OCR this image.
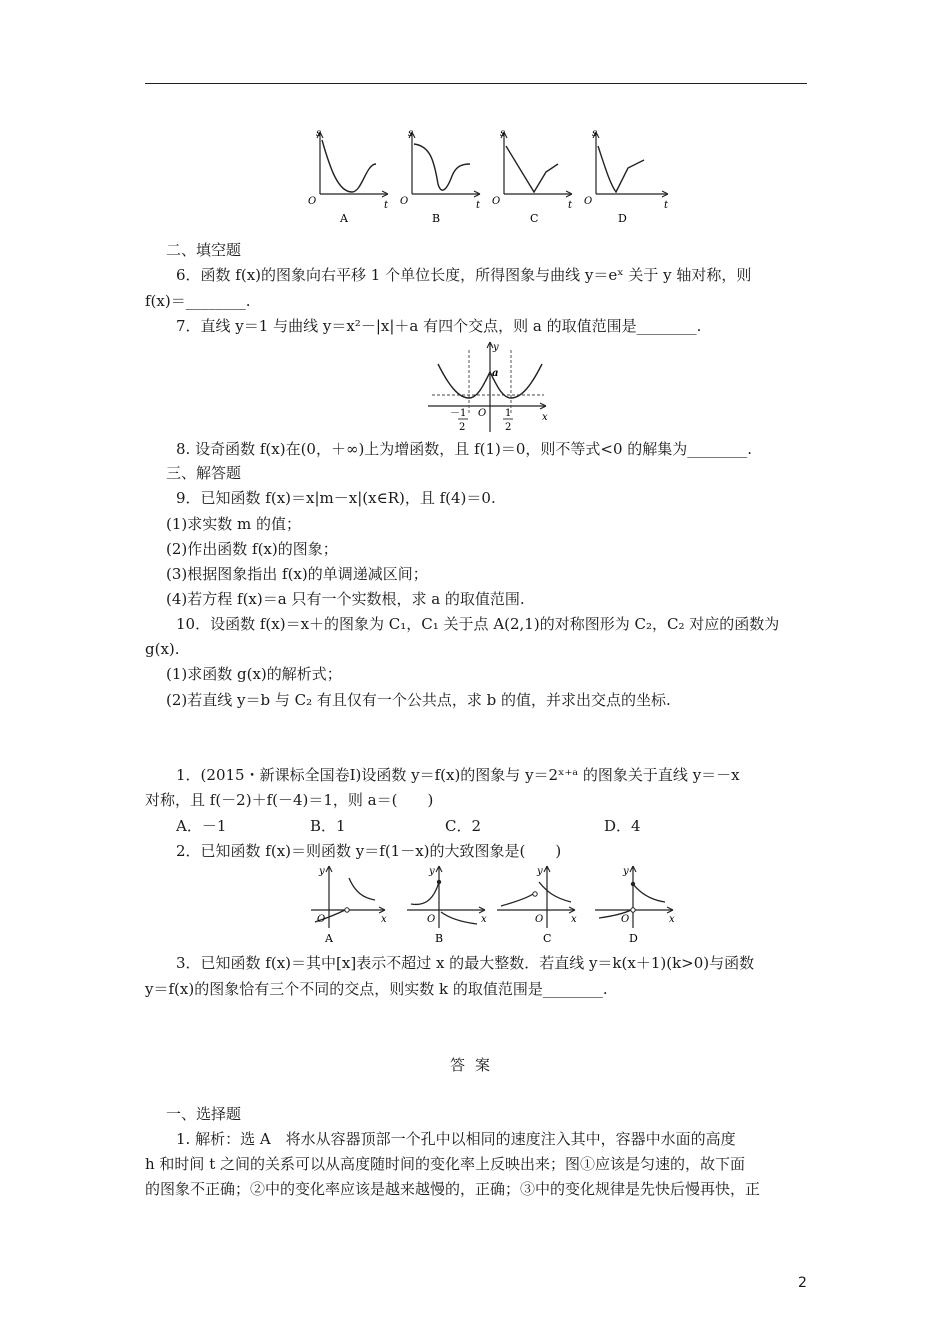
s
t
O
A
s
t
O
B
s
t
O
C
s
t
O
D
二、填空题
6．函数 f(x)的图象向右平移 1 个单位长度，所得图象与曲线 y＝eˣ 关于 y 轴对称，则
f(x)＝________.
7．直线 y＝1 与曲线 y＝x²－|x|＋a 有四个交点，则 a 的取值范围是________.
y
x
a
O
－1
2
1
2
8. 设奇函数 f(x)在(0，＋∞)上为增函数，且 f(1)＝0，则不等式<0 的解集为________.
三、解答题
9．已知函数 f(x)＝x|m－x|(x∈R)，且 f(4)＝0.
(1)求实数 m 的值；
(2)作出函数 f(x)的图象；
(3)根据图象指出 f(x)的单调递减区间；
(4)若方程 f(x)＝a 只有一个实数根，求 a 的取值范围.
10．设函数 f(x)＝x＋的图象为 C₁，C₁ 关于点 A(2,1)的对称图形为 C₂，C₂ 对应的函数为
g(x).
(1)求函数 g(x)的解析式；
(2)若直线 y＝b 与 C₂ 有且仅有一个公共点，求 b 的值，并求出交点的坐标.
1．(2015・新课标全国卷Ⅰ)设函数 y＝f(x)的图象与 y＝2ˣ⁺ᵃ 的图象关于直线 y＝－x
对称，且 f(－2)＋f(－4)＝1，则 a＝(　　)
A．－1	B．1	C．2	D．4
2．已知函数 f(x)＝则函数 y＝f(1－x)的大致图象是(　　)
y
x
O
A
y
x
O
B
y
x
O
C
y
x
O
D
3．已知函数 f(x)＝其中[x]表示不超过 x 的最大整数．若直线 y＝k(x＋1)(k>0)与函数
y＝f(x)的图象恰有三个不同的交点，则实数 k 的取值范围是________.
答案
一、选择题
1. 解析：选 A　将水从容器顶部一个孔中以相同的速度注入其中，容器中水面的高度
h 和时间 t 之间的关系可以从高度随时间的变化率上反映出来；图①应该是匀速的，故下面
的图象不正确；②中的变化率应该是越来越慢的，正确；③中的变化规律是先快后慢再快，正
2
